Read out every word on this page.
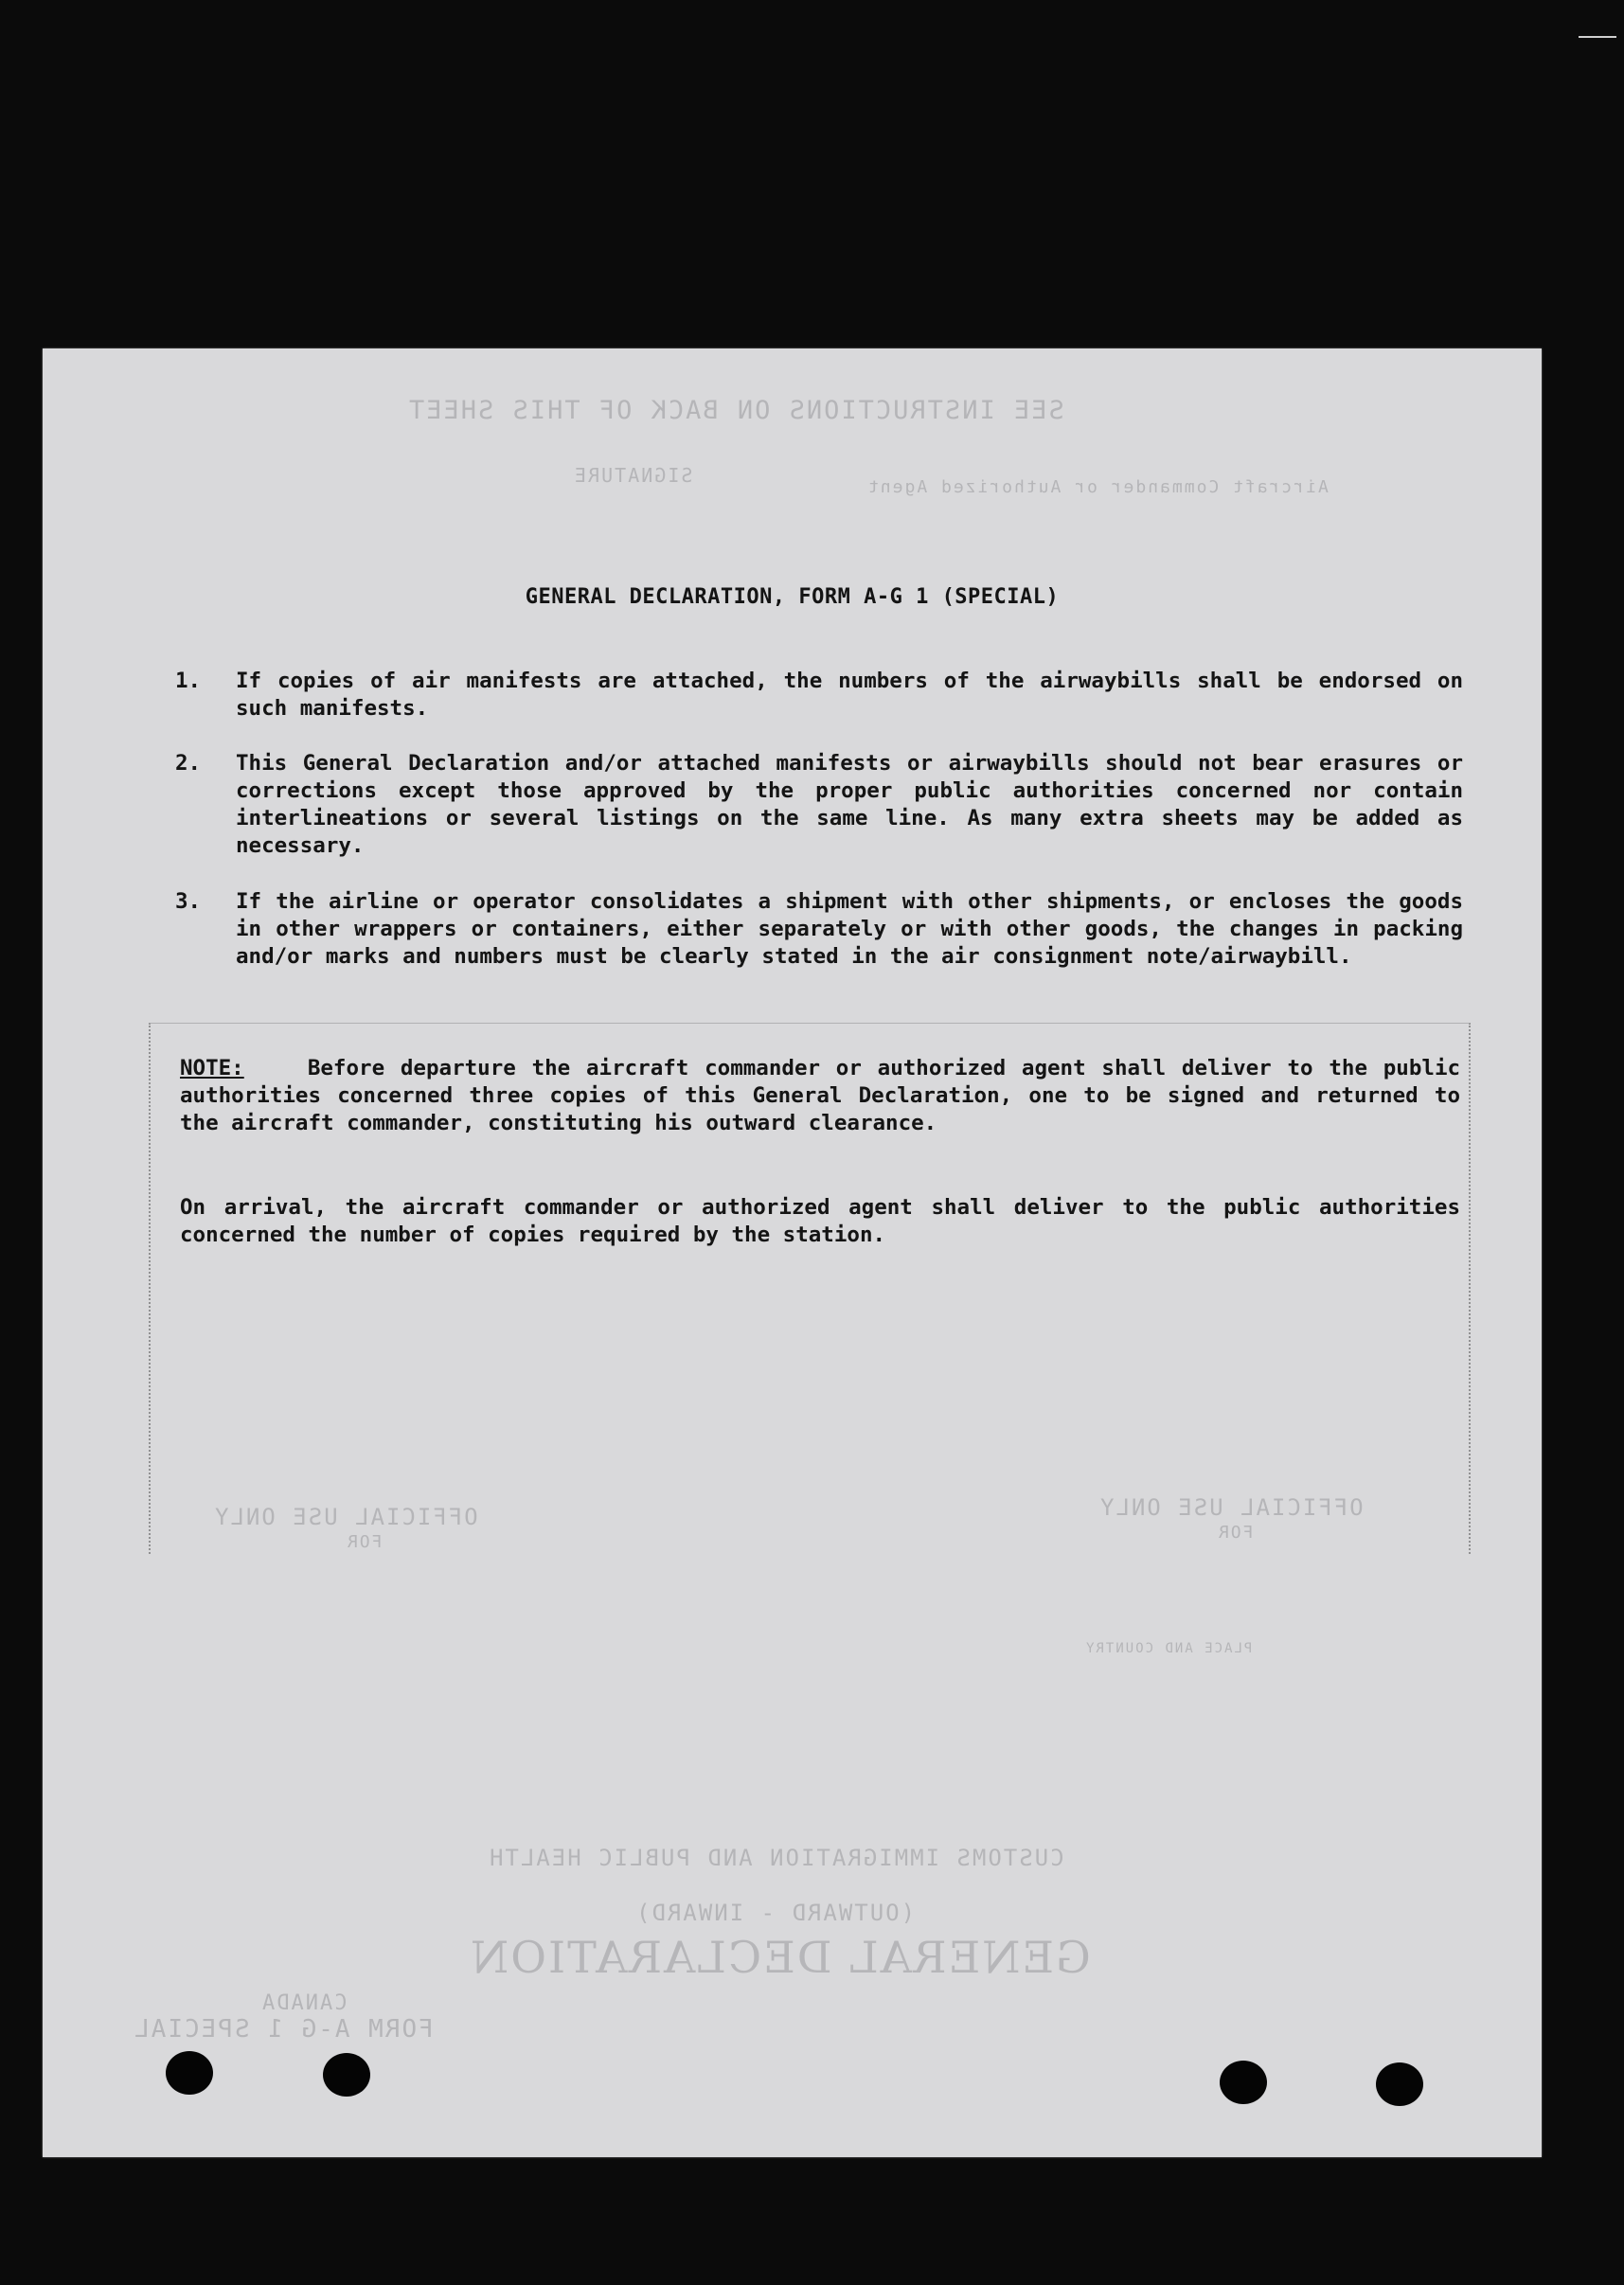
SEE INSTRUCTIONS ON BACK OF THIS SHEET
SIGNATURE
Aircraft Commander or Authorized Agent
OFFICIAL USE ONLY
FOR
OFFICIAL USE ONLY
FOR
PLACE AND COUNTRY
CUSTOMS IMMIGRATION AND PUBLIC HEALTH
(OUTWARD - INWARD)
GENERAL DECLARATION
CANADA
FORM A-G 1 SPECIAL
GENERAL DECLARATION, FORM A-G 1 (SPECIAL)
1.	If copies of air manifests are attached, the numbers of the airwaybills shall be endorsed on such manifests.
2.	This General Declaration and/or attached manifests or airwaybills should not bear erasures or corrections except those approved by the proper public authorities concerned nor contain interlineations or several listings on the same line. As many extra sheets may be added as necessary.
3.	If the airline or operator consolidates a shipment with other shipments, or encloses the goods in other wrappers or containers, either separately or with other goods, the changes in packing and/or marks and numbers must be clearly stated in the air consignment note/airwaybill.
NOTE:	Before departure the aircraft commander or authorized agent shall deliver to the public authorities concerned three copies of this General Declaration, one to be signed and returned to the aircraft commander, constituting his outward clearance.
On arrival, the aircraft commander or authorized agent shall deliver to the public authorities concerned the number of copies required by the station.
